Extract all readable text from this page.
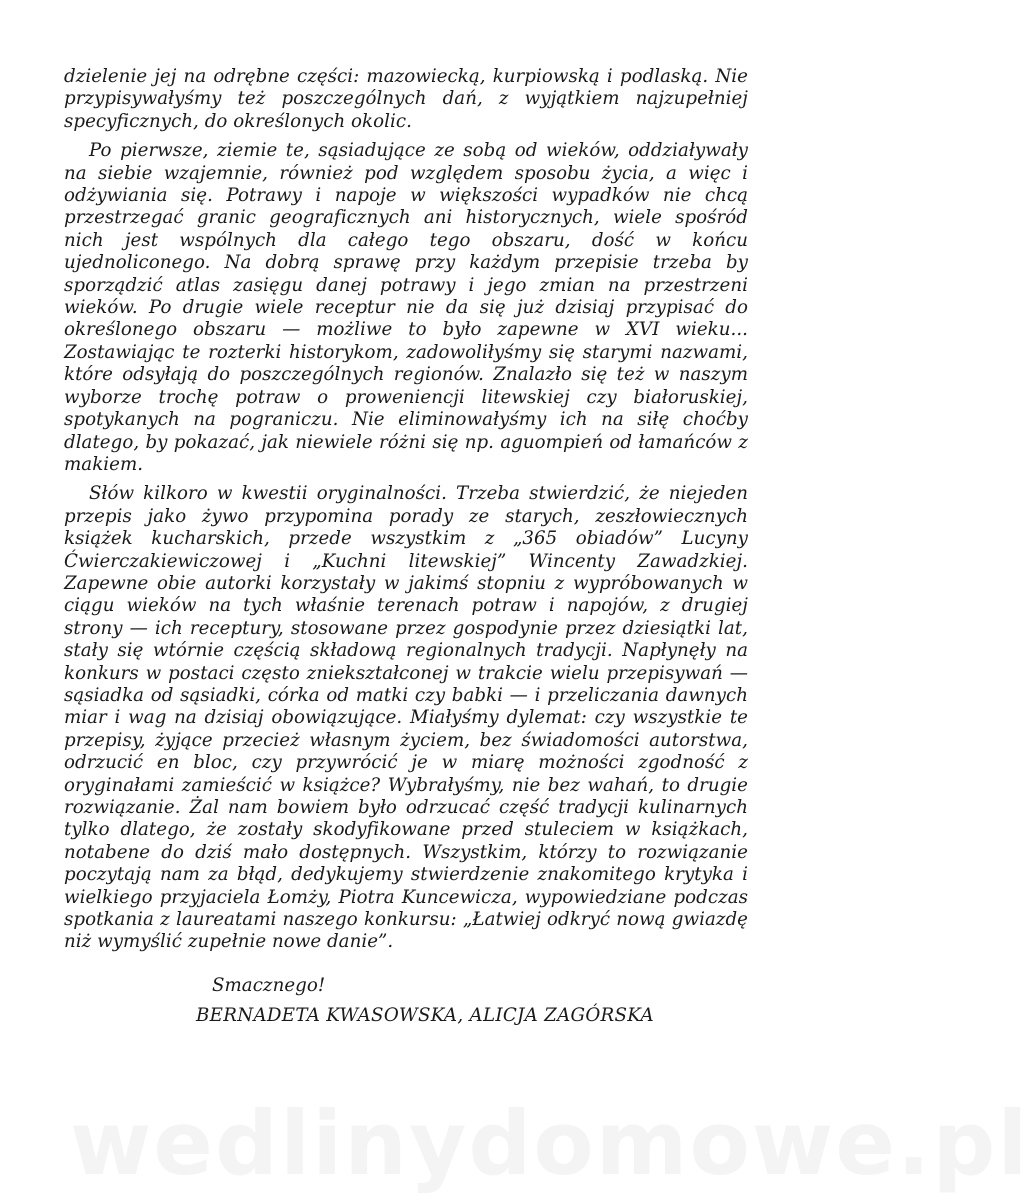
dzielenie jej na odrębne części: mazowiecką, kurpiowską i podlaską. Nie przypisywałyśmy też poszczególnych dań, z wyjątkiem najzupełniej specyficznych, do określonych okolic.

Po pierwsze, ziemie te, sąsiadujące ze sobą od wieków, oddziaływały na siebie wzajemnie, również pod względem sposobu życia, a więc i odżywiania się. Potrawy i napoje w większości wypadków nie chcą przestrzegać granic geograficznych ani historycznych, wiele spośród nich jest wspólnych dla całego tego obszaru, dość w końcu ujednoliconego. Na dobrą sprawę przy każdym przepisie trzeba by sporządzić atlas zasięgu danej potrawy i jego zmian na przestrzeni wieków. Po drugie wiele receptur nie da się już dzisiaj przypisać do określonego obszaru — możliwe to było zapewne w XVI wieku... Zostawiając te rozterki historykom, zadowoliłyśmy się starymi nazwami, które odsyłają do poszczególnych regionów. Znalazło się też w naszym wyborze trochę potraw o prowenienсji litewskiej czy białoruskiej, spotykanych na pograniczu. Nie eliminowałyśmy ich na siłę choćby dlatego, by pokazać, jak niewiele różni się np. aguompień od łamańców z makiem.

Słów kilkoro w kwestii oryginalności. Trzeba stwierdzić, że niejeden przepis jako żywo przypomina porady ze starych, zeszłowiecznych książek kucharskich, przede wszystkim z „365 obiadów” Lucyny Ćwierczakiewiczowej i „Kuchni litewskiej” Wincenty Zawadzkiej. Zapewne obie autorki korzystały w jakimś stopniu z wypróbowanych w ciągu wieków na tych właśnie terenach potraw i napojów, z drugiej strony — ich receptury, stosowane przez gospodynie przez dziesiątki lat, stały się wtórnie częścią składową regionalnych tradycji. Napłynęły na konkurs w postaci często zniekształconej w trakcie wielu przepisywań — sąsiadka od sąsiadki, córka od matki czy babki — i przeliczania dawnych miar i wag na dzisiaj obowiązujące. Miałyśmy dylemat: czy wszystkie te przepisy, żyjące przecież własnym życiem, bez świadomości autorstwa, odrzucić en bloc, czy przywrócić je w miarę możności zgodność z oryginałami zamieścić w książce? Wybrałyśmy, nie bez wahań, to drugie rozwiązanie. Żal nam bowiem było odrzucać część tradycji kulinarnych tylko dlatego, że zostały skodyfikowane przed stuleciem w książkach, notabene do dziś mało dostępnych. Wszystkim, którzy to rozwiązanie poczytają nam za błąd, dedykujemy stwierdzenie znakomitego krytyka i wielkiego przyjaciela Łomży, Piotra Kuncewicza, wypowiedziane podczas spotkania z laureatami naszego konkursu: „Łatwiej odkryć nową gwiazdę niż wymyślić zupełnie nowe danie”.

Smacznego!

BERNADETA KWASOWSKA, ALICJA ZAGÓRSKA

wedlinydomowe.pl
